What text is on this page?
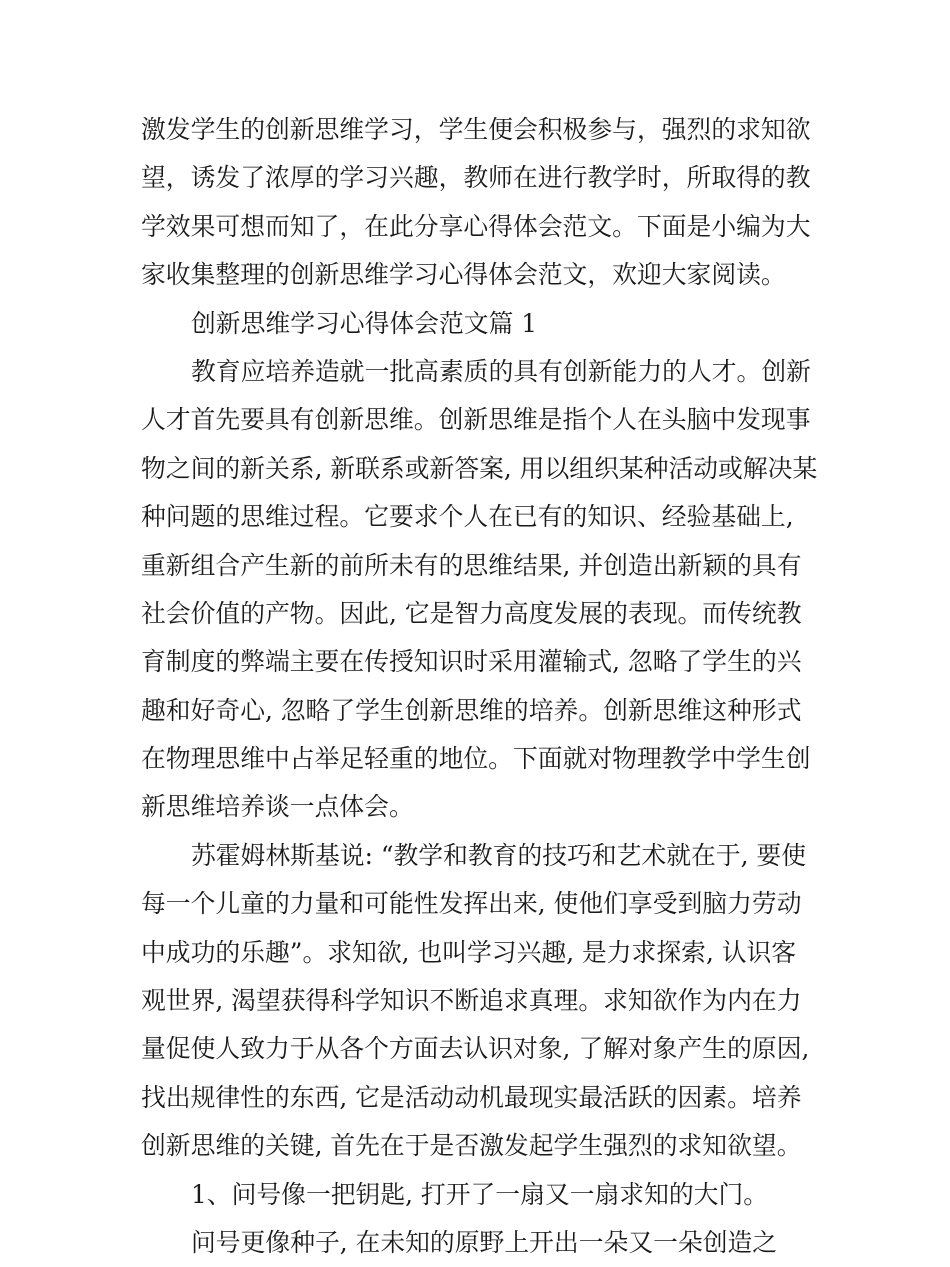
激发学生的创新思维学习，学生便会积极参与，强烈的求知欲
望，诱发了浓厚的学习兴趣，教师在进行教学时，所取得的教
学效果可想而知了，在此分享心得体会范文。下面是小编为大
家收集整理的创新思维学习心得体会范文，欢迎大家阅读。
创新思维学习心得体会范文篇 1
教育应培养造就一批高素质的具有创新能力的人才。创新
人才首先要具有创新思维。创新思维是指个人在头脑中发现事
物之间的新关系, 新联系或新答案, 用以组织某种活动或解决某
种问题的思维过程。它要求个人在已有的知识、经验基础上,
重新组合产生新的前所未有的思维结果, 并创造出新颖的具有
社会价值的产物。因此, 它是智力高度发展的表现。而传统教
育制度的弊端主要在传授知识时采用灌输式, 忽略了学生的兴
趣和好奇心, 忽略了学生创新思维的培养。创新思维这种形式
在物理思维中占举足轻重的地位。下面就对物理教学中学生创
新思维培养谈一点体会。
苏霍姆林斯基说: “教学和教育的技巧和艺术就在于, 要使
每一个儿童的力量和可能性发挥出来, 使他们享受到脑力劳动
中成功的乐趣”。求知欲, 也叫学习兴趣, 是力求探索, 认识客
观世界, 渴望获得科学知识不断追求真理。求知欲作为内在力
量促使人致力于从各个方面去认识对象, 了解对象产生的原因,
找出规律性的东西, 它是活动动机最现实最活跃的因素。培养
创新思维的关键, 首先在于是否激发起学生强烈的求知欲望。
1、问号像一把钥匙, 打开了一扇又一扇求知的大门。
问号更像种子, 在未知的原野上开出一朵又一朵创造之
